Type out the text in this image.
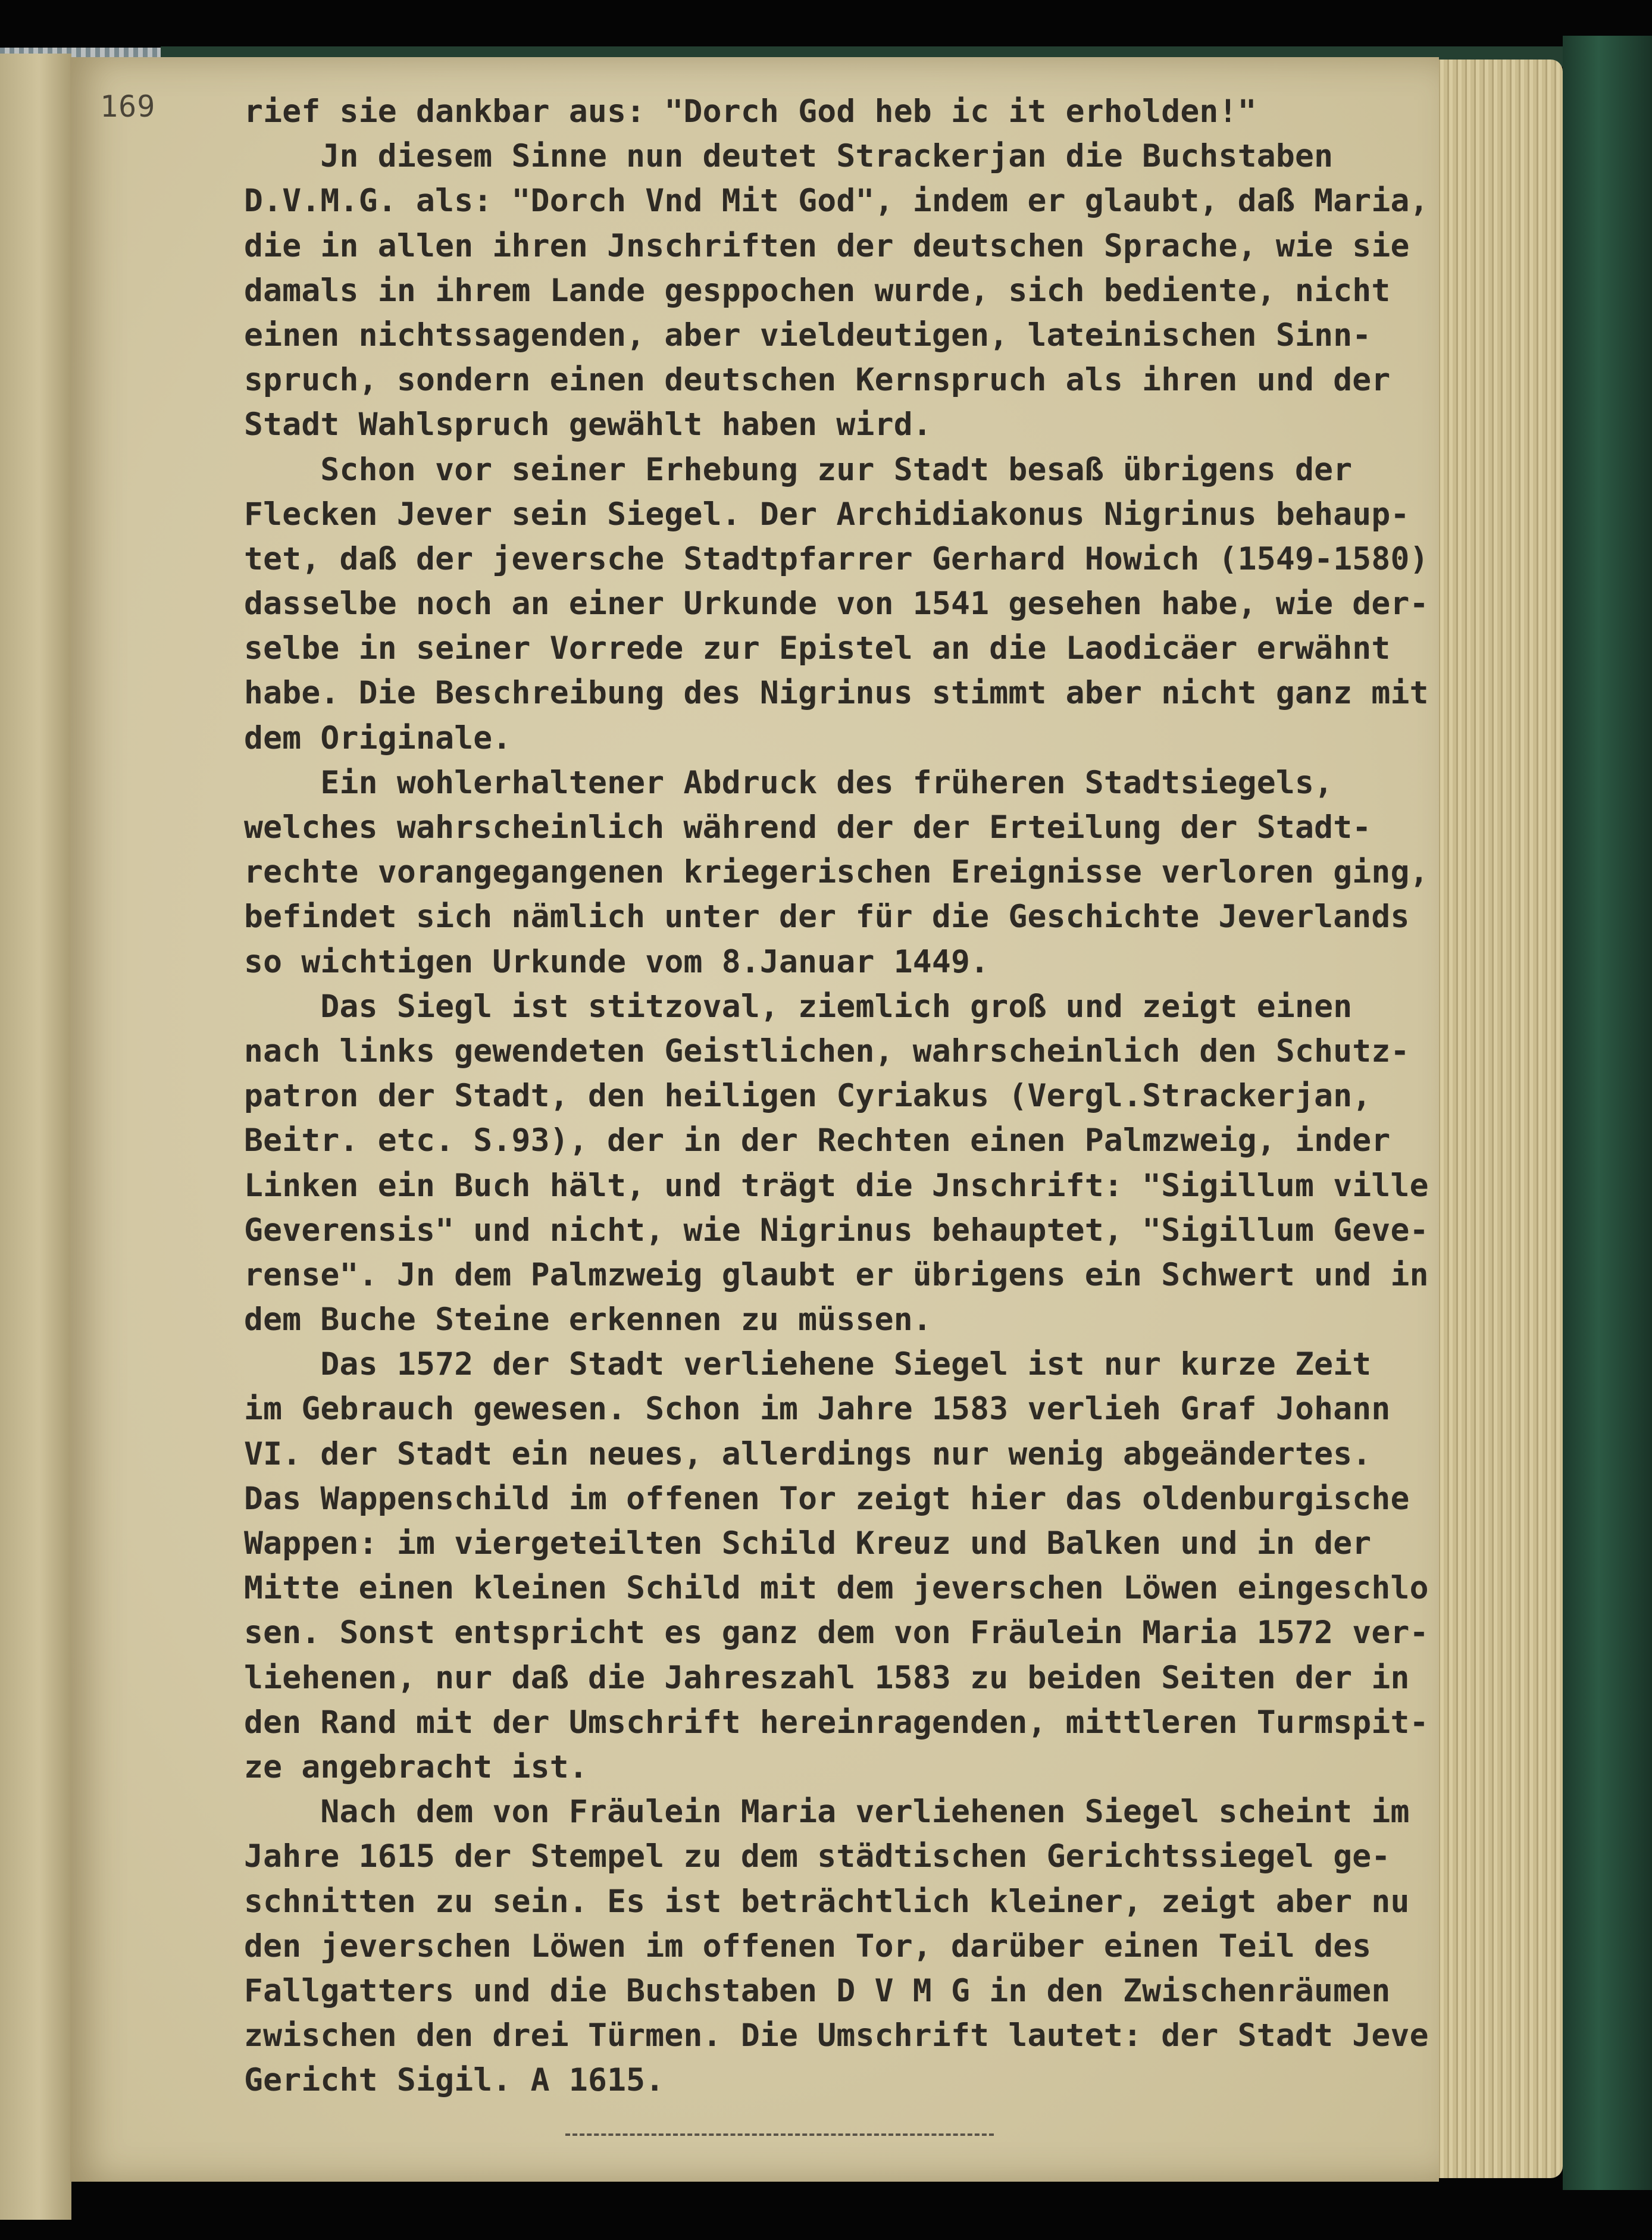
169	rief sie dankbar aus: "Dorch God heb ic it erholden!"
Jn diesem Sinne nun deutet Strackerjan die Buchstaben
D.V.M.G. als: "Dorch Vnd Mit God", indem er glaubt, daß Maria,
die in allen ihren Jnschriften der deutschen Sprache, wie sie
damals in ihrem Lande gesppochen wurde, sich bediente, nicht
einen nichtssagenden, aber vieldeutigen, lateinischen Sinn-
spruch, sondern einen deutschen Kernspruch als ihren und der
Stadt Wahlspruch gewählt haben wird.
Schon vor seiner Erhebung zur Stadt besaß übrigens der
Flecken Jever sein Siegel. Der Archidiakonus Nigrinus behaup-
tet, daß der jeversche Stadtpfarrer Gerhard Howich (1549-1580)
dasselbe noch an einer Urkunde von 1541 gesehen habe, wie der-
selbe in seiner Vorrede zur Epistel an die Laodicäer erwähnt
habe. Die Beschreibung des Nigrinus stimmt aber nicht ganz mit
dem Originale.
Ein wohlerhaltener Abdruck des früheren Stadtsiegels,
welches wahrscheinlich während der der Erteilung der Stadt-
rechte vorangegangenen kriegerischen Ereignisse verloren ging,
befindet sich nämlich unter der für die Geschichte Jeverlands
so wichtigen Urkunde vom 8.Januar 1449.
Das Siegl ist stitzoval, ziemlich groß und zeigt einen
nach links gewendeten Geistlichen, wahrscheinlich den Schutz-
patron der Stadt, den heiligen Cyriakus (Vergl.Strackerjan,
Beitr. etc. S.93), der in der Rechten einen Palmzweig, inder
Linken ein Buch hält, und trägt die Jnschrift: "Sigillum ville
Geverensis" und nicht, wie Nigrinus behauptet, "Sigillum Geve-
rense". Jn dem Palmzweig glaubt er übrigens ein Schwert und in
dem Buche Steine erkennen zu müssen.
Das 1572 der Stadt verliehene Siegel ist nur kurze Zeit
im Gebrauch gewesen. Schon im Jahre 1583 verlieh Graf Johann
VI. der Stadt ein neues, allerdings nur wenig abgeändertes.
Das Wappenschild im offenen Tor zeigt hier das oldenburgische
Wappen: im viergeteilten Schild Kreuz und Balken und in der
Mitte einen kleinen Schild mit dem jeverschen Löwen eingeschlo
sen. Sonst entspricht es ganz dem von Fräulein Maria 1572 ver-
liehenen, nur daß die Jahreszahl 1583 zu beiden Seiten der in
den Rand mit der Umschrift hereinragenden, mittleren Turmspit-
ze angebracht ist.
Nach dem von Fräulein Maria verliehenen Siegel scheint im
Jahre 1615 der Stempel zu dem städtischen Gerichtssiegel ge-
schnitten zu sein. Es ist beträchtlich kleiner, zeigt aber nu
den jeverschen Löwen im offenen Tor, darüber einen Teil des
Fallgatters und die Buchstaben D V M G in den Zwischenräumen
zwischen den drei Türmen. Die Umschrift lautet: der Stadt Jeve
Gericht Sigil. A 1615.
